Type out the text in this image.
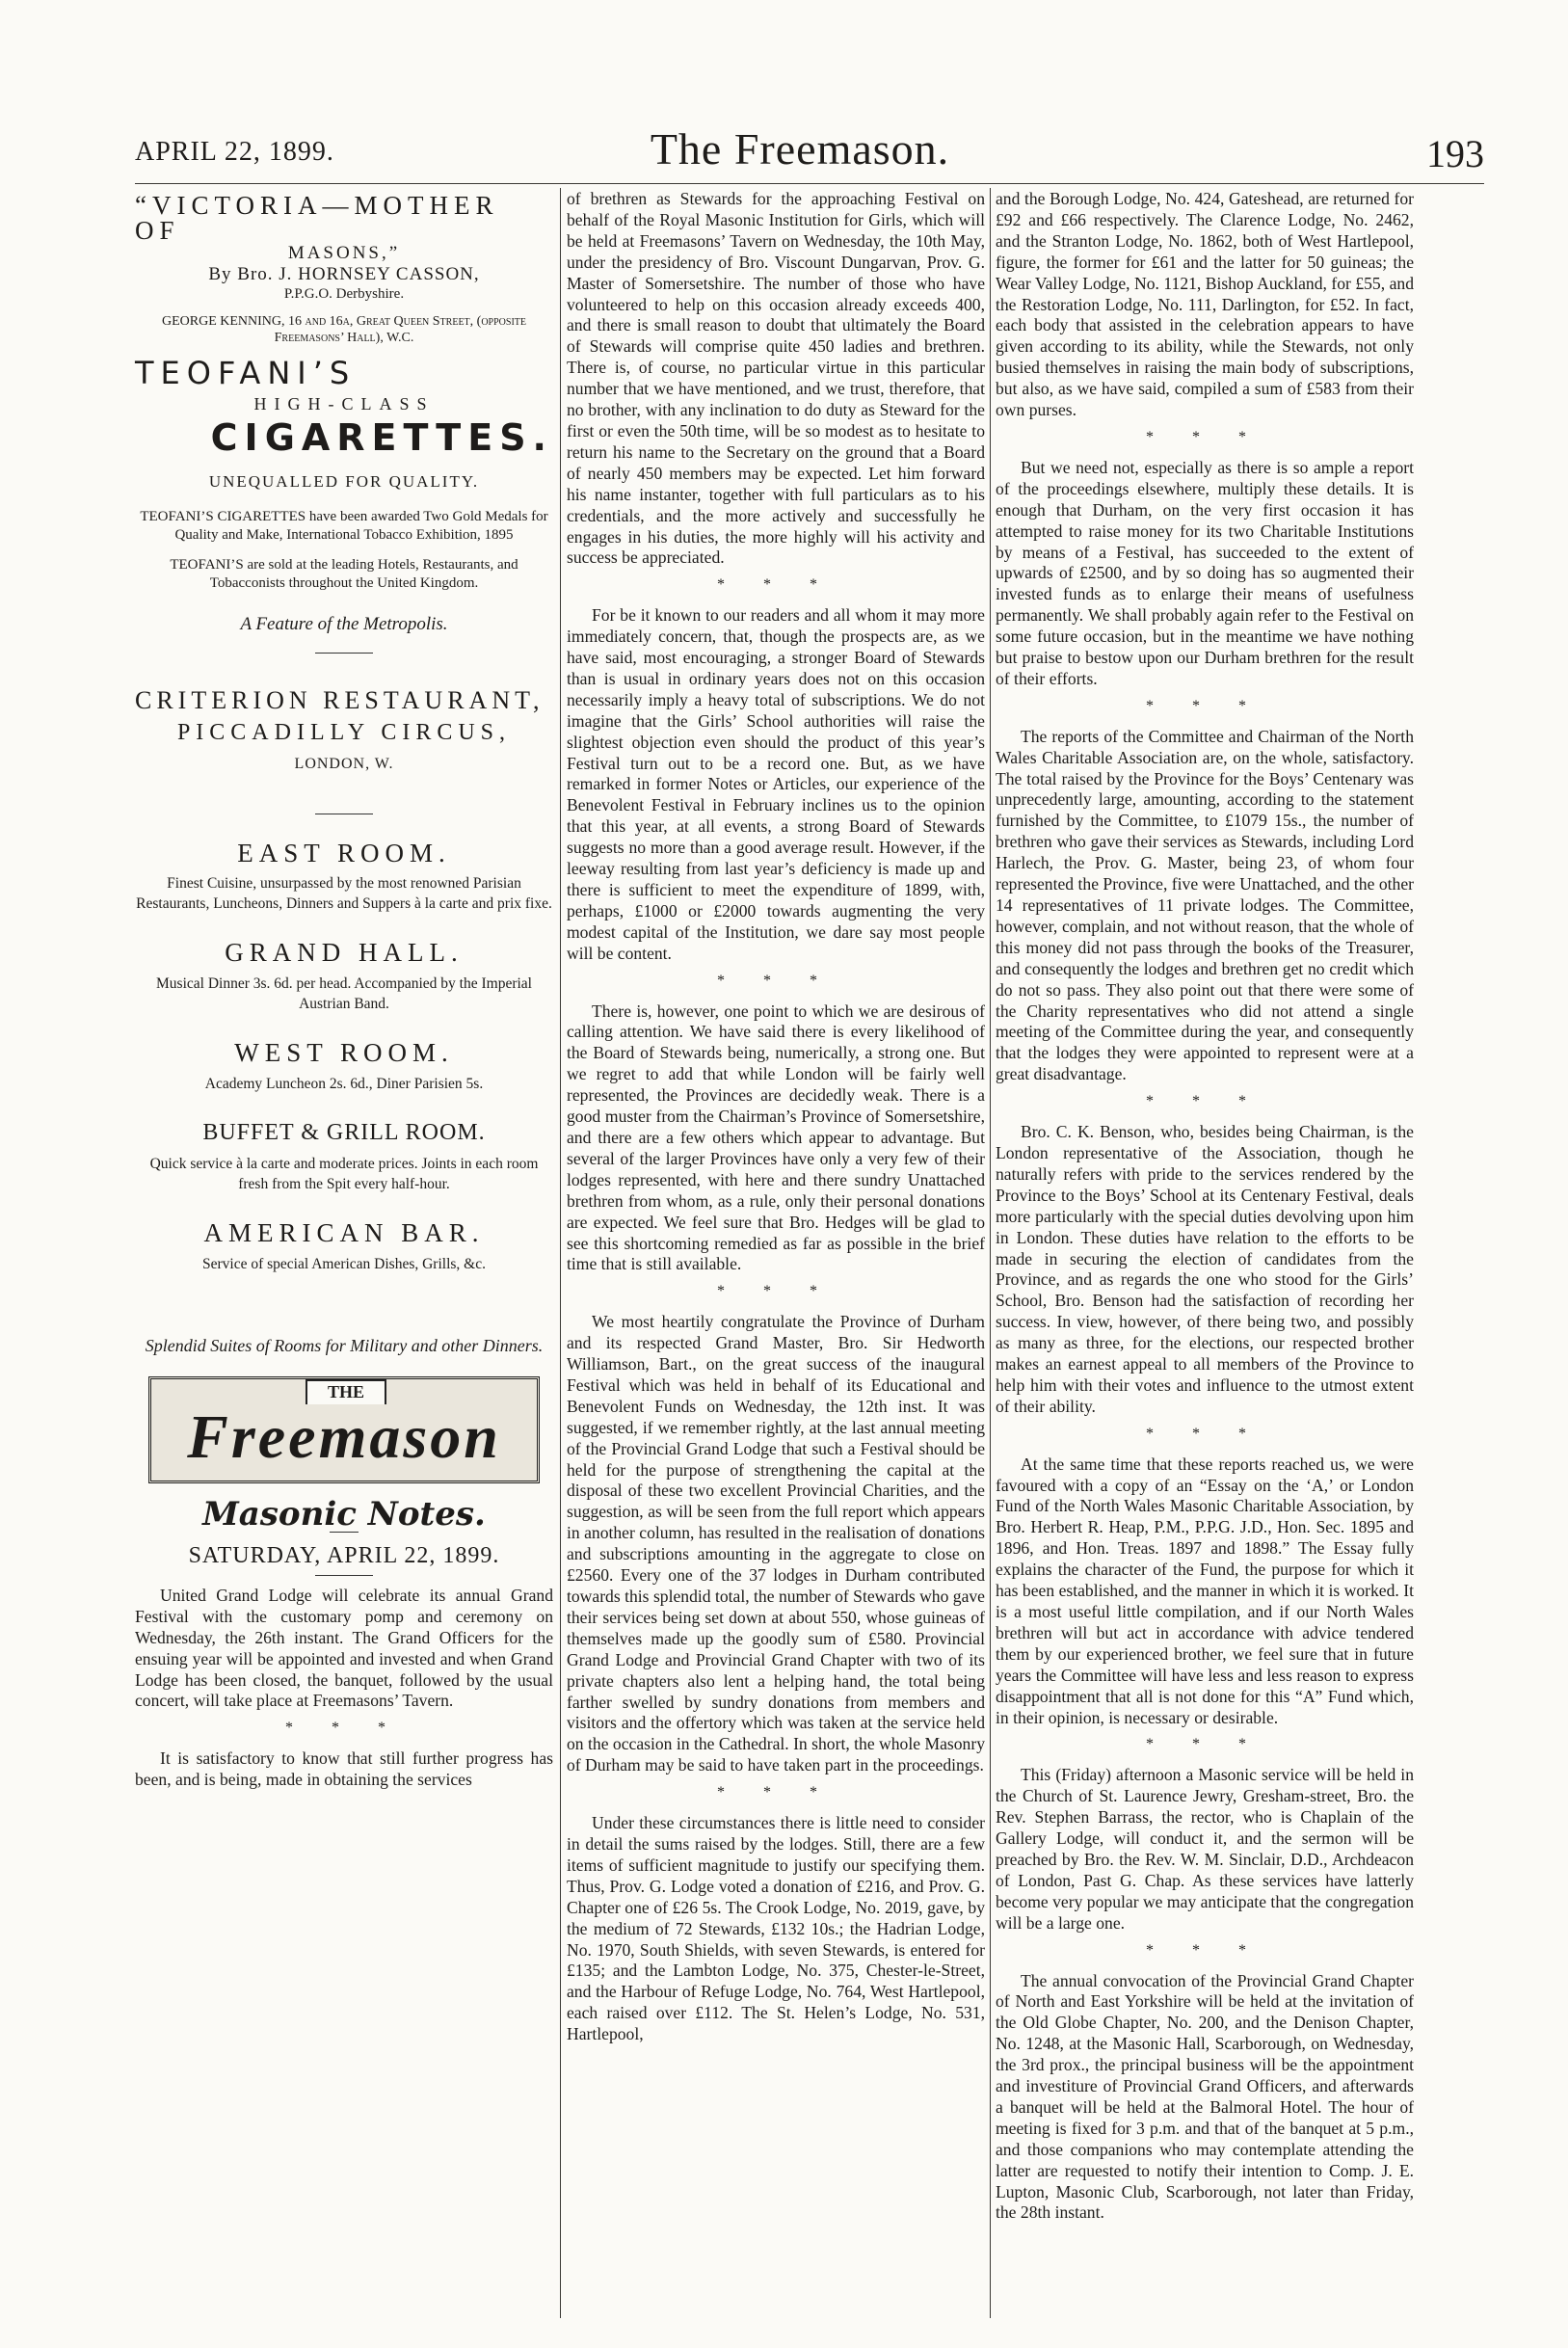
APRIL 22, 1899.	The Freemason.	193
“VICTORIA—MOTHER OF
MASONS,”
By Bro. J. HORNSEY CASSON,
P.P.G.O. Derbyshire.
GEORGE KENNING, 16 and 16a, Great Queen Street, (opposite Freemasons’ Hall), W.C.
TEOFANI’S
HIGH-CLASS
CIGARETTES.
UNEQUALLED FOR QUALITY.
TEOFANI’S CIGARETTES have been awarded Two Gold Medals for Quality and Make, International Tobacco Exhibition, 1895
TEOFANI’S are sold at the leading Hotels, Restaurants, and Tobacconists throughout the United Kingdom.
A Feature of the Metropolis.
CRITERION RESTAURANT,
PICCADILLY CIRCUS,
LONDON, W.
EAST ROOM.
Finest Cuisine, unsurpassed by the most renowned Parisian Restaurants, Luncheons, Dinners and Suppers à la carte and prix fixe.
GRAND HALL.
Musical Dinner 3s. 6d. per head. Accompanied by the Imperial Austrian Band.
WEST ROOM.
Academy Luncheon 2s. 6d., Diner Parisien 5s.
BUFFET & GRILL ROOM.
Quick service à la carte and moderate prices. Joints in each room fresh from the Spit every half-hour.
AMERICAN BAR.
Service of special American Dishes, Grills, &c.
Splendid Suites of Rooms for Military and other Dinners.
THE
Freemason
Masonic Notes.
SATURDAY, APRIL 22, 1899.

United Grand Lodge will celebrate its annual Grand Festival with the customary pomp and ceremony on Wednesday, the 26th instant. The Grand Officers for the ensuing year will be appointed and invested and when Grand Lodge has been closed, the banquet, followed by the usual concert, will take place at Freemasons’ Tavern.

* * *

It is satisfactory to know that still further progress has been, and is being, made in obtaining the services

of brethren as Stewards for the approaching Festival on behalf of the Royal Masonic Institution for Girls, which will be held at Freemasons’ Tavern on Wednesday, the 10th May, under the presidency of Bro. Viscount Dungarvan, Prov. G. Master of Somersetshire. The number of those who have volunteered to help on this occasion already exceeds 400, and there is small reason to doubt that ultimately the Board of Stewards will comprise quite 450 ladies and brethren. There is, of course, no particular virtue in this particular number that we have mentioned, and we trust, therefore, that no brother, with any inclination to do duty as Steward for the first or even the 50th time, will be so modest as to hesitate to return his name to the Secretary on the ground that a Board of nearly 450 members may be expected. Let him forward his name instanter, together with full particulars as to his credentials, and the more actively and successfully he engages in his duties, the more highly will his activity and success be appreciated.

* * *

For be it known to our readers and all whom it may more immediately concern, that, though the prospects are, as we have said, most encouraging, a stronger Board of Stewards than is usual in ordinary years does not on this occasion necessarily imply a heavy total of subscriptions. We do not imagine that the Girls’ School authorities will raise the slightest objection even should the product of this year’s Festival turn out to be a record one. But, as we have remarked in former Notes or Articles, our experience of the Benevolent Festival in February inclines us to the opinion that this year, at all events, a strong Board of Stewards suggests no more than a good average result. However, if the leeway resulting from last year’s deficiency is made up and there is sufficient to meet the expenditure of 1899, with, perhaps, £1000 or £2000 towards augmenting the very modest capital of the Institution, we dare say most people will be content.

* * *

There is, however, one point to which we are desirous of calling attention. We have said there is every likelihood of the Board of Stewards being, numerically, a strong one. But we regret to add that while London will be fairly well represented, the Provinces are decidedly weak. There is a good muster from the Chairman’s Province of Somersetshire, and there are a few others which appear to advantage. But several of the larger Provinces have only a very few of their lodges represented, with here and there sundry Unattached brethren from whom, as a rule, only their personal donations are expected. We feel sure that Bro. Hedges will be glad to see this shortcoming remedied as far as possible in the brief time that is still available.

* * *

We most heartily congratulate the Province of Durham and its respected Grand Master, Bro. Sir Hedworth Williamson, Bart., on the great success of the inaugural Festival which was held in behalf of its Educational and Benevolent Funds on Wednesday, the 12th inst. It was suggested, if we remember rightly, at the last annual meeting of the Provincial Grand Lodge that such a Festival should be held for the purpose of strengthening the capital at the disposal of these two excellent Provincial Charities, and the suggestion, as will be seen from the full report which appears in another column, has resulted in the realisation of donations and subscriptions amounting in the aggregate to close on £2560. Every one of the 37 lodges in Durham contributed towards this splendid total, the number of Stewards who gave their services being set down at about 550, whose guineas of themselves made up the goodly sum of £580. Provincial Grand Lodge and Provincial Grand Chapter with two of its private chapters also lent a helping hand, the total being farther swelled by sundry donations from members and visitors and the offertory which was taken at the service held on the occasion in the Cathedral. In short, the whole Masonry of Durham may be said to have taken part in the proceedings.

* * *

Under these circumstances there is little need to consider in detail the sums raised by the lodges. Still, there are a few items of sufficient magnitude to justify our specifying them. Thus, Prov. G. Lodge voted a donation of £216, and Prov. G. Chapter one of £26 5s. The Crook Lodge, No. 2019, gave, by the medium of 72 Stewards, £132 10s.; the Hadrian Lodge, No. 1970, South Shields, with seven Stewards, is entered for £135; and the Lambton Lodge, No. 375, Chester-le-Street, and the Harbour of Refuge Lodge, No. 764, West Hartlepool, each raised over £112. The St. Helen’s Lodge, No. 531, Hartlepool,

and the Borough Lodge, No. 424, Gateshead, are returned for £92 and £66 respectively. The Clarence Lodge, No. 2462, and the Stranton Lodge, No. 1862, both of West Hartlepool, figure, the former for £61 and the latter for 50 guineas; the Wear Valley Lodge, No. 1121, Bishop Auckland, for £55, and the Restoration Lodge, No. 111, Darlington, for £52. In fact, each body that assisted in the celebration appears to have given according to its ability, while the Stewards, not only busied themselves in raising the main body of subscriptions, but also, as we have said, compiled a sum of £583 from their own purses.

* * *

But we need not, especially as there is so ample a report of the proceedings elsewhere, multiply these details. It is enough that Durham, on the very first occasion it has attempted to raise money for its two Charitable Institutions by means of a Festival, has succeeded to the extent of upwards of £2500, and by so doing has so augmented their invested funds as to enlarge their means of usefulness permanently. We shall probably again refer to the Festival on some future occasion, but in the meantime we have nothing but praise to bestow upon our Durham brethren for the result of their efforts.

* * *

The reports of the Committee and Chairman of the North Wales Charitable Association are, on the whole, satisfactory. The total raised by the Province for the Boys’ Centenary was unprecedently large, amounting, according to the statement furnished by the Committee, to £1079 15s., the number of brethren who gave their services as Stewards, including Lord Harlech, the Prov. G. Master, being 23, of whom four represented the Province, five were Unattached, and the other 14 representatives of 11 private lodges. The Committee, however, complain, and not without reason, that the whole of this money did not pass through the books of the Treasurer, and consequently the lodges and brethren get no credit which do not so pass. They also point out that there were some of the Charity representatives who did not attend a single meeting of the Committee during the year, and consequently that the lodges they were appointed to represent were at a great disadvantage.

* * *

Bro. C. K. Benson, who, besides being Chairman, is the London representative of the Association, though he naturally refers with pride to the services rendered by the Province to the Boys’ School at its Centenary Festival, deals more particularly with the special duties devolving upon him in London. These duties have relation to the efforts to be made in securing the election of candidates from the Province, and as regards the one who stood for the Girls’ School, Bro. Benson had the satisfaction of recording her success. In view, however, of there being two, and possibly as many as three, for the elections, our respected brother makes an earnest appeal to all members of the Province to help him with their votes and influence to the utmost extent of their ability.

* * *

At the same time that these reports reached us, we were favoured with a copy of an “Essay on the ‘A,’ or London Fund of the North Wales Masonic Charitable Association, by Bro. Herbert R. Heap, P.M., P.P.G. J.D., Hon. Sec. 1895 and 1896, and Hon. Treas. 1897 and 1898.” The Essay fully explains the character of the Fund, the purpose for which it has been established, and the manner in which it is worked. It is a most useful little compilation, and if our North Wales brethren will but act in accordance with advice tendered them by our experienced brother, we feel sure that in future years the Committee will have less and less reason to express disappointment that all is not done for this “A” Fund which, in their opinion, is necessary or desirable.

* * *

This (Friday) afternoon a Masonic service will be held in the Church of St. Laurence Jewry, Gresham-street, Bro. the Rev. Stephen Barrass, the rector, who is Chaplain of the Gallery Lodge, will conduct it, and the sermon will be preached by Bro. the Rev. W. M. Sinclair, D.D., Archdeacon of London, Past G. Chap. As these services have latterly become very popular we may anticipate that the congregation will be a large one.

* * *

The annual convocation of the Provincial Grand Chapter of North and East Yorkshire will be held at the invitation of the Old Globe Chapter, No. 200, and the Denison Chapter, No. 1248, at the Masonic Hall, Scarborough, on Wednesday, the 3rd prox., the principal business will be the appointment and investiture of Provincial Grand Officers, and afterwards a banquet will be held at the Balmoral Hotel. The hour of meeting is fixed for 3 p.m. and that of the banquet at 5 p.m., and those companions who may contemplate attending the latter are requested to notify their intention to Comp. J. E. Lupton, Masonic Club, Scarborough, not later than Friday, the 28th instant.
